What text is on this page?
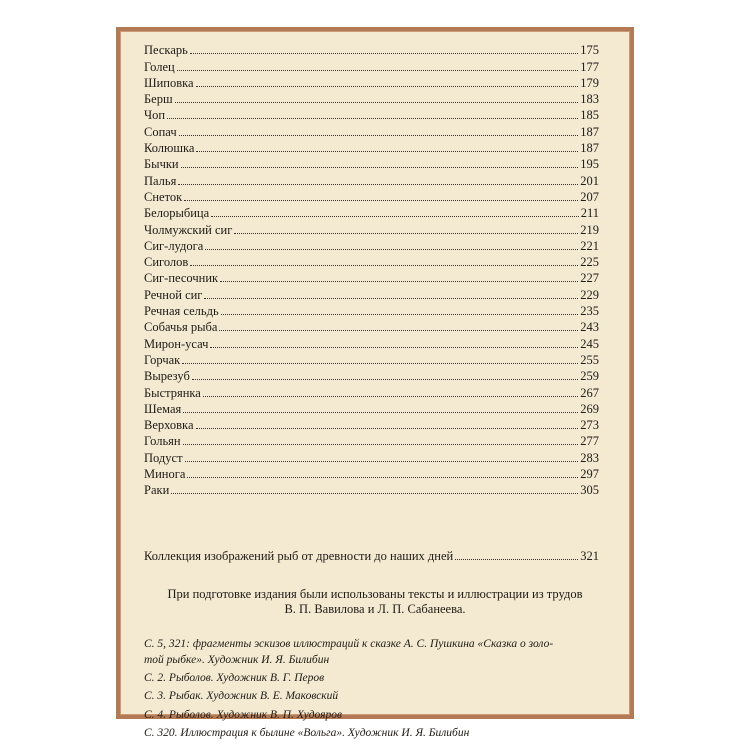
Пескарь	175
Голец	177
Шиповка	179
Берш	183
Чоп	185
Сопач	187
Колюшка	187
Бычки	195
Палья	201
Снеток	207
Белорыбица	211
Чолмужский сиг	219
Сиг-лудога	221
Сиголов	225
Сиг-песочник	227
Речной сиг	229
Речная сельдь	235
Собачья рыба	243
Мирон-усач	245
Горчак	255
Вырезуб	259
Быстрянка	267
Шемая	269
Верховка	273
Гольян	277
Подуст	283
Минога	297
Раки	305
Коллекция изображений рыб от древности до наших дней	321
При подготовке издания были использованы тексты и иллюстрации из трудов
В. П. Вавилова и Л. П. Сабанеева.
С. 5, 321: фрагменты эскизов иллюстраций к сказке А. С. Пушкина «Сказка о золо-
той рыбке». Художник И. Я. Билибин
С. 2. Рыболов. Художник В. Г. Перов
С. 3. Рыбак. Художник В. Е. Маковский
С. 4. Рыболов. Художник В. П. Худояров
С. 320. Иллюстрация к былине «Вольга». Художник И. Я. Билибин
